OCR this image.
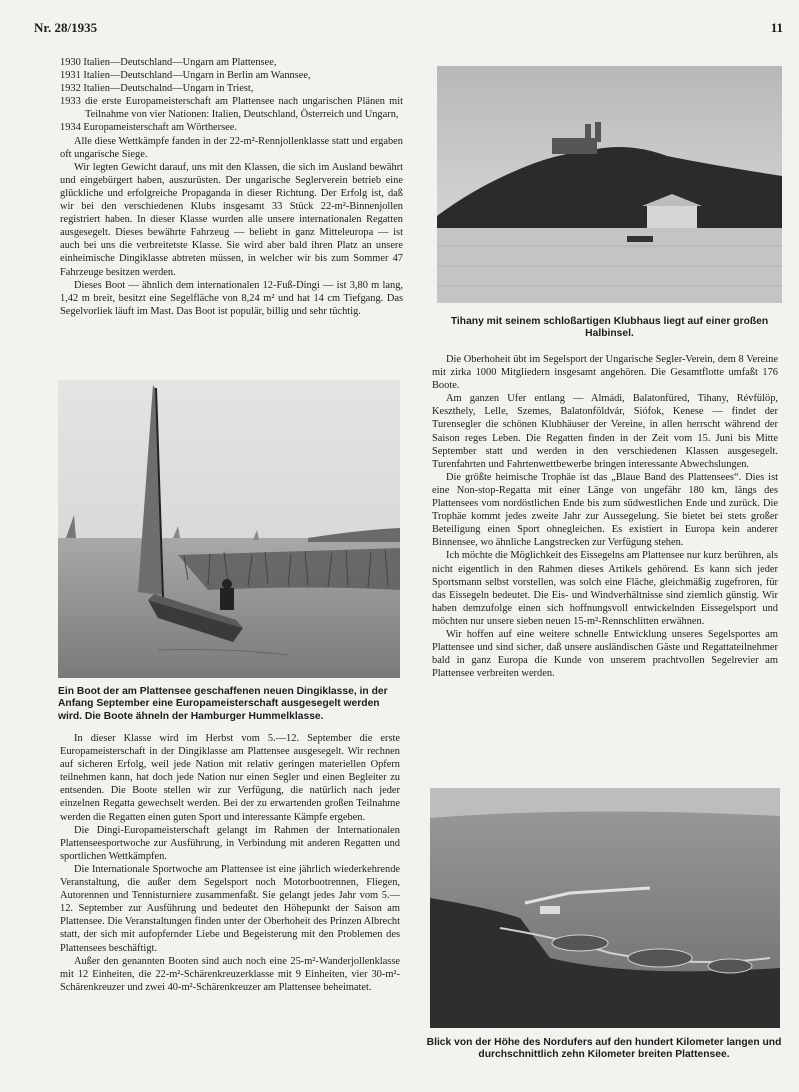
Nr. 28/1935	11
1930 Italien—Deutschland—Ungarn am Plattensee,
1931 Italien—Deutschland—Ungarn in Berlin am Wannsee,
1932 Italien—Deutschalnd—Ungarn in Triest,
1933 die erste Europameisterschaft am Plattensee nach ungarischen Plänen mit Teilnahme von vier Nationen: Italien, Deutschland, Österreich und Ungarn,
1934 Europameisterschaft am Wörthersee.

Alle diese Wettkämpfe fanden in der 22-m²-Rennjollenklasse statt und ergaben oft ungarische Siege.

Wir legten Gewicht darauf, uns mit den Klassen, die sich im Ausland bewährt und eingebürgert haben, auszurüsten. Der ungarische Seglerverein betrieb eine glückliche und erfolgreiche Propaganda in dieser Richtung. Der Erfolg ist, daß wir bei den verschiedenen Klubs insgesamt 33 Stück 22-m²-Binnenjollen registriert haben. In dieser Klasse wurden alle unsere internationalen Regatten ausgesegelt. Dieses bewährte Fahrzeug — beliebt in ganz Mitteleuropa — ist auch bei uns die verbreitetste Klasse. Sie wird aber bald ihren Platz an unsere einheimische Dingiklasse abtreten müssen, in welcher wir bis zum Sommer 47 Fahrzeuge besitzen werden.

Dieses Boot — ähnlich dem internationalen 12-Fuß-Dingi — ist 3,80 m lang, 1,42 m breit, besitzt eine Segelfläche von 8,24 m² und hat 14 cm Tiefgang. Das Segelvorliek läuft im Mast. Das Boot ist populär, billig und sehr tüchtig.

Ein Boot der am Plattensee geschaffenen neuen Dingiklasse, in der Anfang September eine Europameisterschaft ausgesegelt werden wird. Die Boote ähneln der Hamburger Hummelklasse.

In dieser Klasse wird im Herbst vom 5.—12. September die erste Europameisterschaft in der Dingiklasse am Plattensee ausgesegelt. Wir rechnen auf sicheren Erfolg, weil jede Nation mit relativ geringen materiellen Opfern teilnehmen kann, hat doch jede Nation nur einen Segler und einen Begleiter zu entsenden. Die Boote stellen wir zur Verfügung, die natürlich nach jeder einzelnen Regatta gewechselt werden. Bei der zu erwartenden großen Teilnahme werden die Regatten einen guten Sport und interessante Kämpfe ergeben.

Die Dingi-Europameisterschaft gelangt im Rahmen der Internationalen Plattenseesportwoche zur Ausführung, in Verbindung mit anderen Regatten und sportlichen Wettkämpfen.

Die Internationale Sportwoche am Plattensee ist eine jährlich wiederkehrende Veranstaltung, die außer dem Segelsport noch Motorbootrennen, Fliegen, Autorennen und Tennisturniere zusammenfaßt. Sie gelangt jedes Jahr vom 5.—12. September zur Ausführung und bedeutet den Höhepunkt der Saison am Plattensee. Die Veranstaltungen finden unter der Oberhoheit des Prinzen Albrecht statt, der sich mit aufopfernder Liebe und Begeisterung mit den Problemen des Plattensees beschäftigt.

Außer den genannten Booten sind auch noch eine 25-m²-Wanderjollenklasse mit 12 Einheiten, die 22-m²-Schärenkreuzerklasse mit 9 Einheiten, vier 30-m²-Schärenkreuzer und zwei 40-m²-Schärenkreuzer am Plattensee beheimatet.

Tihany mit seinem schloßartigen Klubhaus liegt auf einer großen Halbinsel.

Die Oberhoheit übt im Segelsport der Ungarische Segler-Verein, dem 8 Vereine mit zirka 1000 Mitgliedern insgesamt angehören. Die Gesamtflotte umfaßt 176 Boote.

Am ganzen Ufer entlang — Almádi, Balatonfüred, Tihany, Révfülöp, Keszthely, Lelle, Szemes, Balatonföldvár, Siófok, Kenese — findet der Turensegler die schönen Klubhäuser der Vereine, in allen herrscht während der Saison reges Leben. Die Regatten finden in der Zeit vom 15. Juni bis Mitte September statt und werden in den verschiedenen Klassen ausgesegelt. Turenfahrten und Fahrtenwettbewerbe bringen interessante Abwechslungen.

Die größte heimische Trophäe ist das „Blaue Band des Plattensees“. Dies ist eine Non-stop-Regatta mit einer Länge von ungefähr 180 km, längs des Plattensees vom nordöstlichen Ende bis zum südwestlichen Ende und zurück. Die Trophäe kommt jedes zweite Jahr zur Aussegelung. Sie bietet bei stets großer Beteiligung einen Sport ohnegleichen. Es existiert in Europa kein anderer Binnensee, wo ähnliche Langstrecken zur Verfügung stehen.

Ich möchte die Möglichkeit des Eissegelns am Plattensee nur kurz berühren, als nicht eigentlich in den Rahmen dieses Artikels gehörend. Es kann sich jeder Sportsmann selbst vorstellen, was solch eine Fläche, gleichmäßig zugefroren, für das Eissegeln bedeutet. Die Eis- und Windverhältnisse sind ziemlich günstig. Wir haben demzufolge einen sich hoffnungsvoll entwickelnden Eissegelsport und möchten nur unsere sieben neuen 15-m²-Rennschlitten erwähnen.

Wir hoffen auf eine weitere schnelle Entwicklung unseres Segelsportes am Plattensee und sind sicher, daß unsere ausländischen Gäste und Regattateilnehmer bald in ganz Europa die Kunde von unserem prachtvollen Segelrevier am Plattensee verbreiten werden.

Blick von der Höhe des Nordufers auf den hundert Kilometer langen und durchschnittlich zehn Kilometer breiten Plattensee.
